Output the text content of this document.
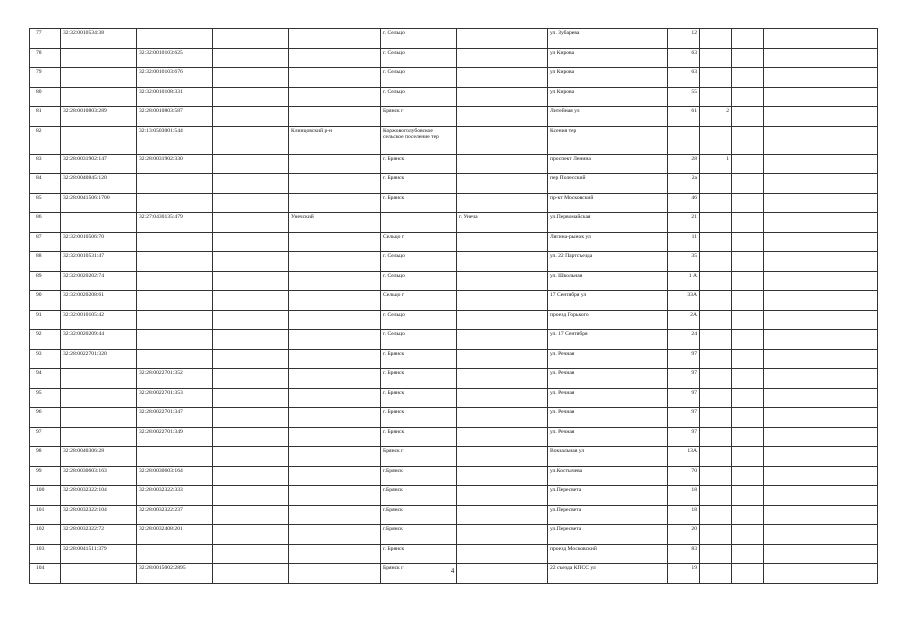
77	32:32:0010534:38				г. Сельцо		ул. Зубарева	12			
78		32:32:0010103:625			г. Сельцо		ул Кирова	63			
79		32:32:0010103:676			г. Сельцо		ул Кирова	63			
80		32:32:0010108:331			г. Сельцо		ул Кирова	55			
81	32:28:0010803:289	32:28:0010803:587			Брянск г		Литейная ул	61	2		
82		32:13:0503001:544		Клинцовский р-н	Коржовоголубовское сельское поселение тер		Ксения тер				
83	32:28:0031902:147	32:28:0031902:330			г. Брянск		проспект Ленина	28	1		
84	32:28:0040845:120				г. Брянск		пер Полесский	2а			
85	32:28:0041506:1700				г. Брянск		пр-кт Московский	46			
86		32:27:0430135:479		Унечский		г. Унеча	ул.Первомайская	21			
87	32:32:0010506:70				Сельцо г		Лягина-рынок ул	11			
88	32:32:0010531:47				г. Сельцо		ул. 22 Партсъезда	35			
89	32:32:0020202:74				г. Сельцо		ул. Школьная	1 А			
90	32:32:0020208:61				Сельцо г		17 Сентября ул	33А			
91	32:32:0010105:42				г. Сельцо		проезд Горького	2А			
92	32:32:0020209:44				г. Сельцо		ул. 17 Сентября	24			
93	32:28:0022701:320				г. Брянск		ул. Речная	97			
94		32:28:0022701:352			г. Брянск		ул. Речная	97			
95		32:28:0022701:353			г. Брянск		ул. Речная	97			
96		32:28:0022701:347			г. Брянск		ул. Речная	97			
97		32:28:0022701:349			г. Брянск		ул. Речная	97			
98	32:28:0040306:28				Брянск г		Вокзальная ул	13А			
99	32:28:0030603:163	32:28:0030603:164			г.Брянск		ул.Костычева	70			
100	32:28:0032322:104	32:28:0032322:333			г.Брянск		ул.Пересвета	18			
101	32:28:0032322:104	32:28:0032322:237			г.Брянск		ул.Пересвета	18			
102	32:28:0032322:72	32:28:0032408:201			г.Брянск		ул.Пересвета	20			
103	32:28:0041511:379				г. Брянск		проезд Московский	83			
104		32:28:0015002:2895			Брянск г		22 съезда КПСС ул	19			
4
